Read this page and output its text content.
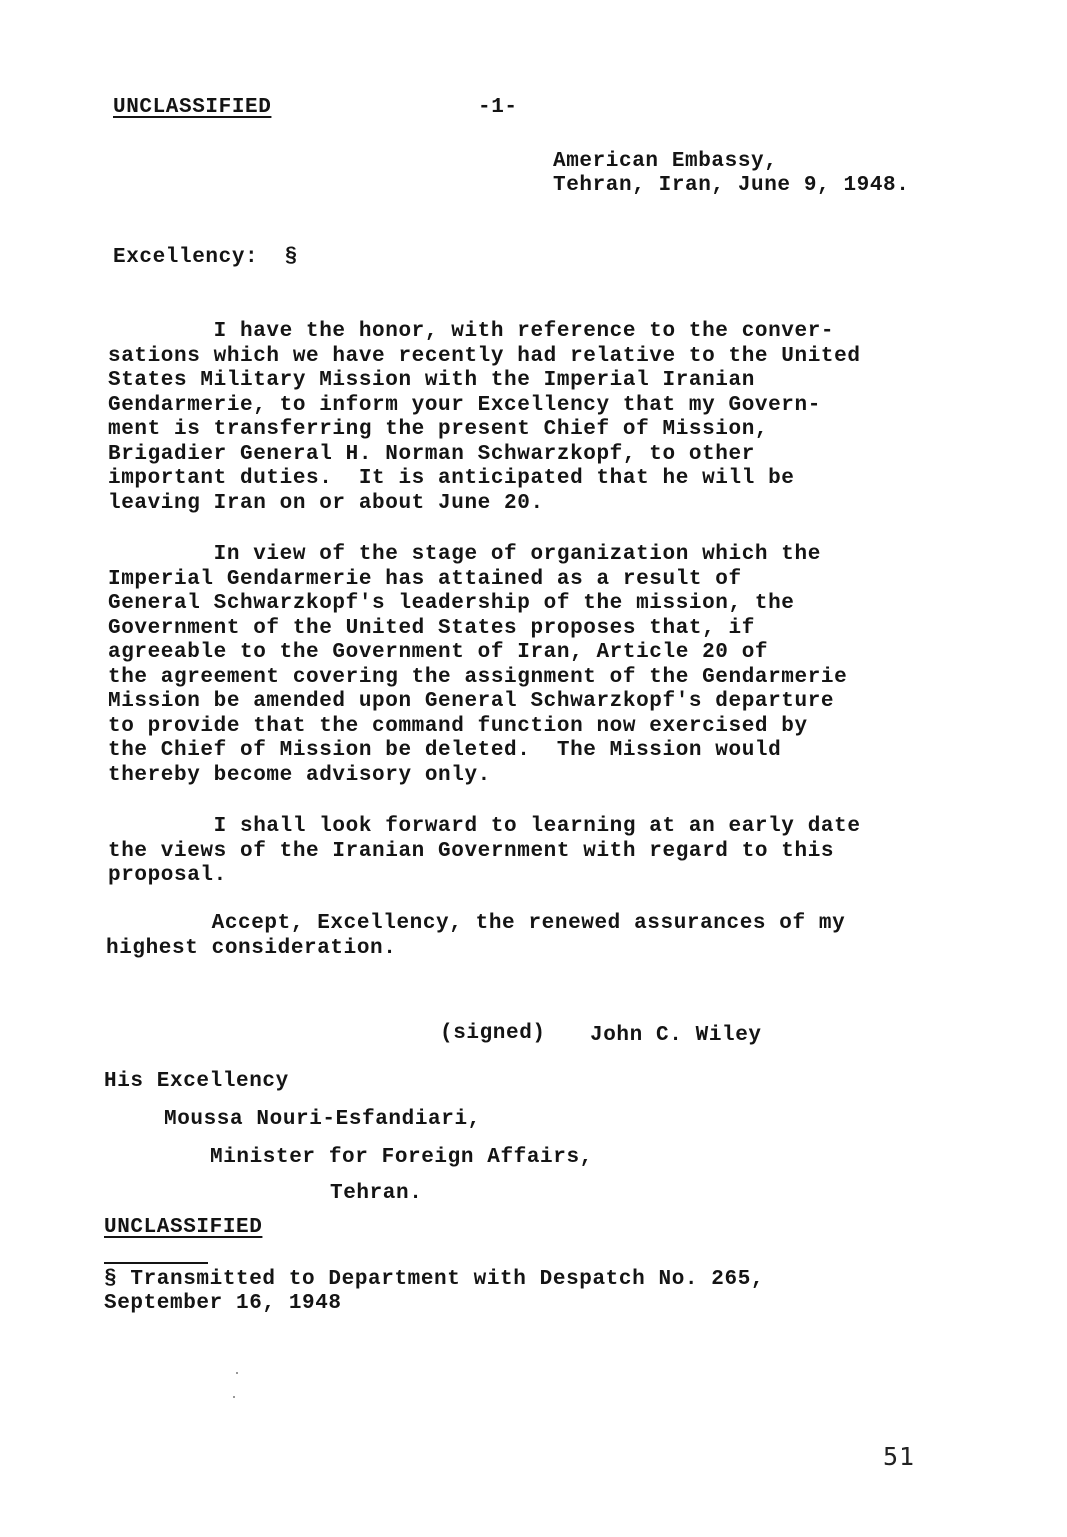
UNCLASSIFIED	-1-
American Embassy,
Tehran, Iran, June 9, 1948.
Excellency:  §
I have the honor, with reference to the conver-
sations which we have recently had relative to the United
States Military Mission with the Imperial Iranian
Gendarmerie, to inform your Excellency that my Govern-
ment is transferring the present Chief of Mission,
Brigadier General H. Norman Schwarzkopf, to other
important duties.  It is anticipated that he will be
leaving Iran on or about June 20.
In view of the stage of organization which the
Imperial Gendarmerie has attained as a result of
General Schwarzkopf's leadership of the mission, the
Government of the United States proposes that, if
agreeable to the Government of Iran, Article 20 of
the agreement covering the assignment of the Gendarmerie
Mission be amended upon General Schwarzkopf's departure
to provide that the command function now exercised by
the Chief of Mission be deleted.  The Mission would
thereby become advisory only.
I shall look forward to learning at an early date
the views of the Iranian Government with regard to this
proposal.
Accept, Excellency, the renewed assurances of my
highest consideration.
(signed) John C. Wiley
His Excellency
Moussa Nouri-Esfandiari,
Minister for Foreign Affairs,
Tehran.
UNCLASSIFIED
§ Transmitted to Department with Despatch No. 265,
September 16, 1948
51
